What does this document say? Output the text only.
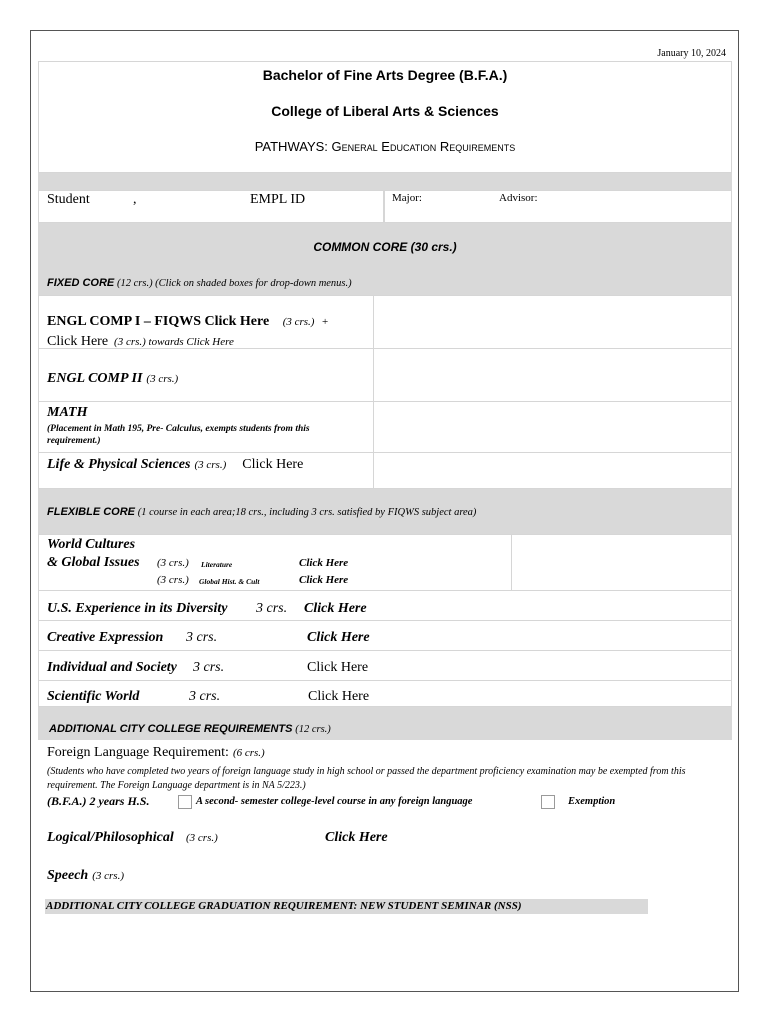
January 10, 2024
Bachelor of Fine Arts Degree (B.F.A.)
College of Liberal Arts & Sciences
PATHWAYS: General Education Requirements
Student	,	EMPL ID	Major:	Advisor:
COMMON CORE (30 crs.)
FIXED CORE (12 crs.) (Click on shaded boxes for drop-down menus.)
ENGL COMP I – FIQWS Click Here (3 crs.) +
Click Here (3 crs.) towards Click Here
ENGL COMP II (3 crs.)
MATH
(Placement in Math 195, Pre- Calculus, exempts students from this requirement.)
Life & Physical Sciences (3 crs.) Click Here
FLEXIBLE CORE (1 course in each area;18 crs., including 3 crs. satisfied by FIQWS subject area)
World Cultures
& Global Issues (3 crs.) Literature	Click Here
(3 crs.) Global Hist. & Cult	Click Here
U.S. Experience in its Diversity 3 crs. Click Here
Creative Expression 3 crs.	Click Here
Individual and Society 3 crs.	Click Here
Scientific World	3 crs.	Click Here
ADDITIONAL CITY COLLEGE REQUIREMENTS (12 crs.)
Foreign Language Requirement: (6 crs.)
(Students who have completed two years of foreign language study in high school or passed the department proficiency examination may be exempted from this requirement. The Foreign Language department is in NA 5/223.)
(B.F.A.) 2 years H.S.	A second- semester college-level course in any foreign language	Exemption
Logical/Philosophical (3 crs.)	Click Here
Speech (3 crs.)
ADDITIONAL CITY COLLEGE GRADUATION REQUIREMENT: NEW STUDENT SEMINAR (NSS)
